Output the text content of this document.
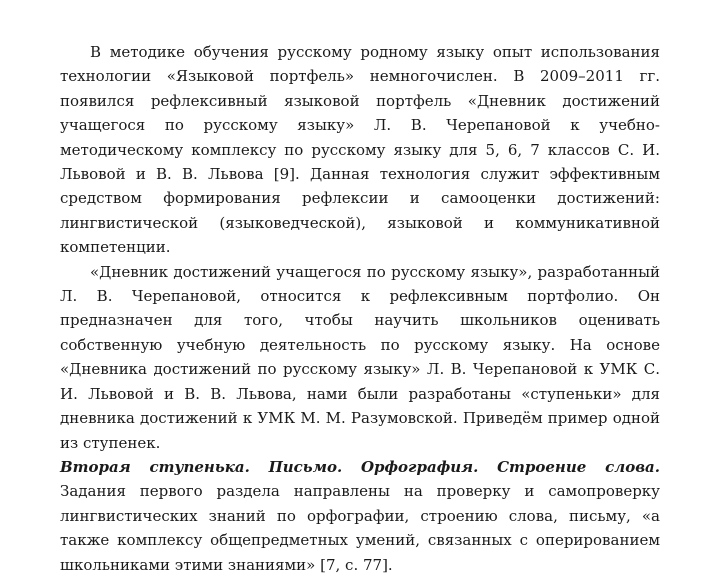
В методике обучения русскому родному языку опыт использования технологии «Языковой портфель» немногочислен. В 2009–2011 гг. появился рефлексивный языковой портфель «Дневник достижений учащегося по русскому языку» Л. В. Черепановой к учебно-методическому комплексу по русскому языку для 5, 6, 7 классов С. И. Львовой и В. В. Львова [9]. Данная технология служит эффективным средством формирования рефлексии и самооценки достижений: лингвистической (языковедческой), языковой и коммуникативной компетенции.

«Дневник достижений учащегося по русскому языку», разработанный Л. В. Черепановой, относится к рефлексивным портфолио. Он предназначен для того, чтобы научить школьников оценивать собственную учебную деятельность по русскому языку. На основе «Дневника достижений по русскому языку» Л. В. Черепановой к УМК С. И. Львовой и В. В. Львова, нами были разработаны «ступеньки» для дневника достижений к УМК М. М. Разумовской. Приведём пример одной из ступенек.

Вторая ступенька. Письмо. Орфография. Строение слова. Задания первого раздела направлены на проверку и самопроверку лингвистических знаний по орфографии, строению слова, письму, «а также комплексу общепредметных умений, связанных с оперированием школьниками этими знаниями» [7, с. 77].
